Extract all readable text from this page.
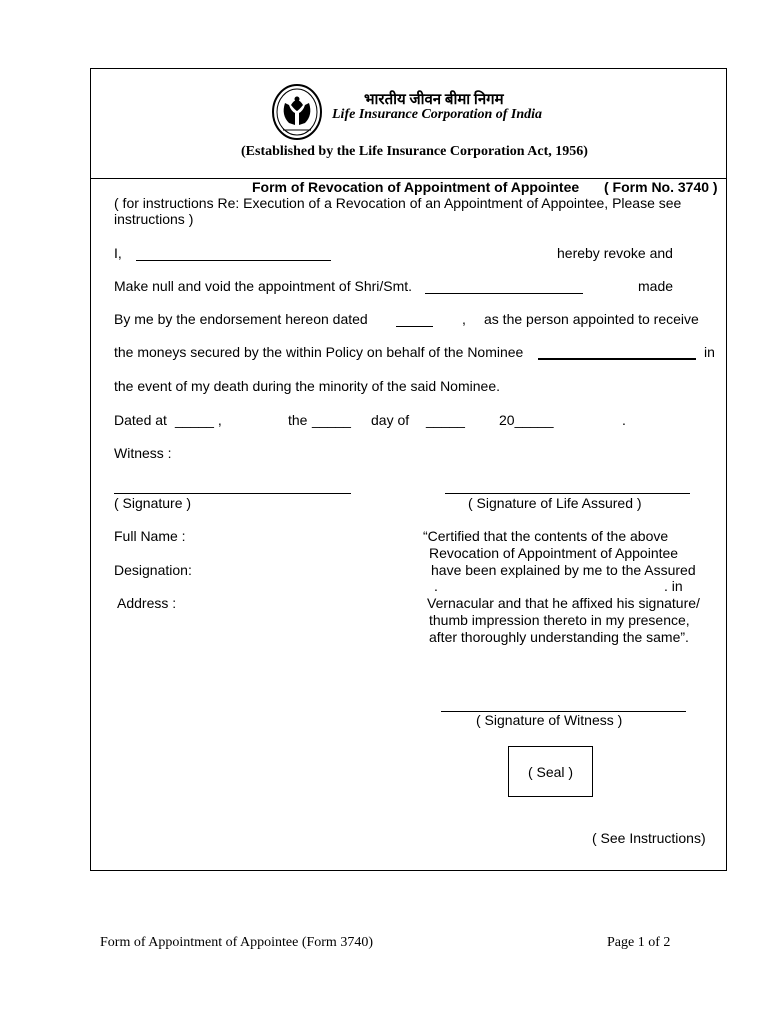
भारतीय जीवन बीमा निगम
Life Insurance Corporation of India
(Established by the Life Insurance Corporation Act, 1956)
Form of Revocation of Appointment of Appointee ( Form No. 3740 )
( for instructions Re: Execution of a Revocation of an Appointment of Appointee, Please see
instructions )
I,	hereby revoke and
Make null and void the appointment of Shri/Smt.	made
By me by the endorsement hereon dated	, as the person appointed to receive
the moneys secured by the within Policy on behalf of the Nominee	in
the event of my death during the minority of the said Nominee.
Dated at _____ ,	the _____ day of _____ 20_____	.
Witness :
( Signature )	( Signature of Life Assured )
Full Name :
Designation:
Address :
“Certified that the contents of the above
Revocation of Appointment of Appointee
have been explained by me to the Assured
.	. in
Vernacular and that he affixed his signature/
thumb impression thereto in my presence,
after thoroughly understanding the same”.
( Signature of Witness )
( Seal )
( See Instructions)
Form of Appointment of Appointee (Form 3740)	Page 1 of 2
